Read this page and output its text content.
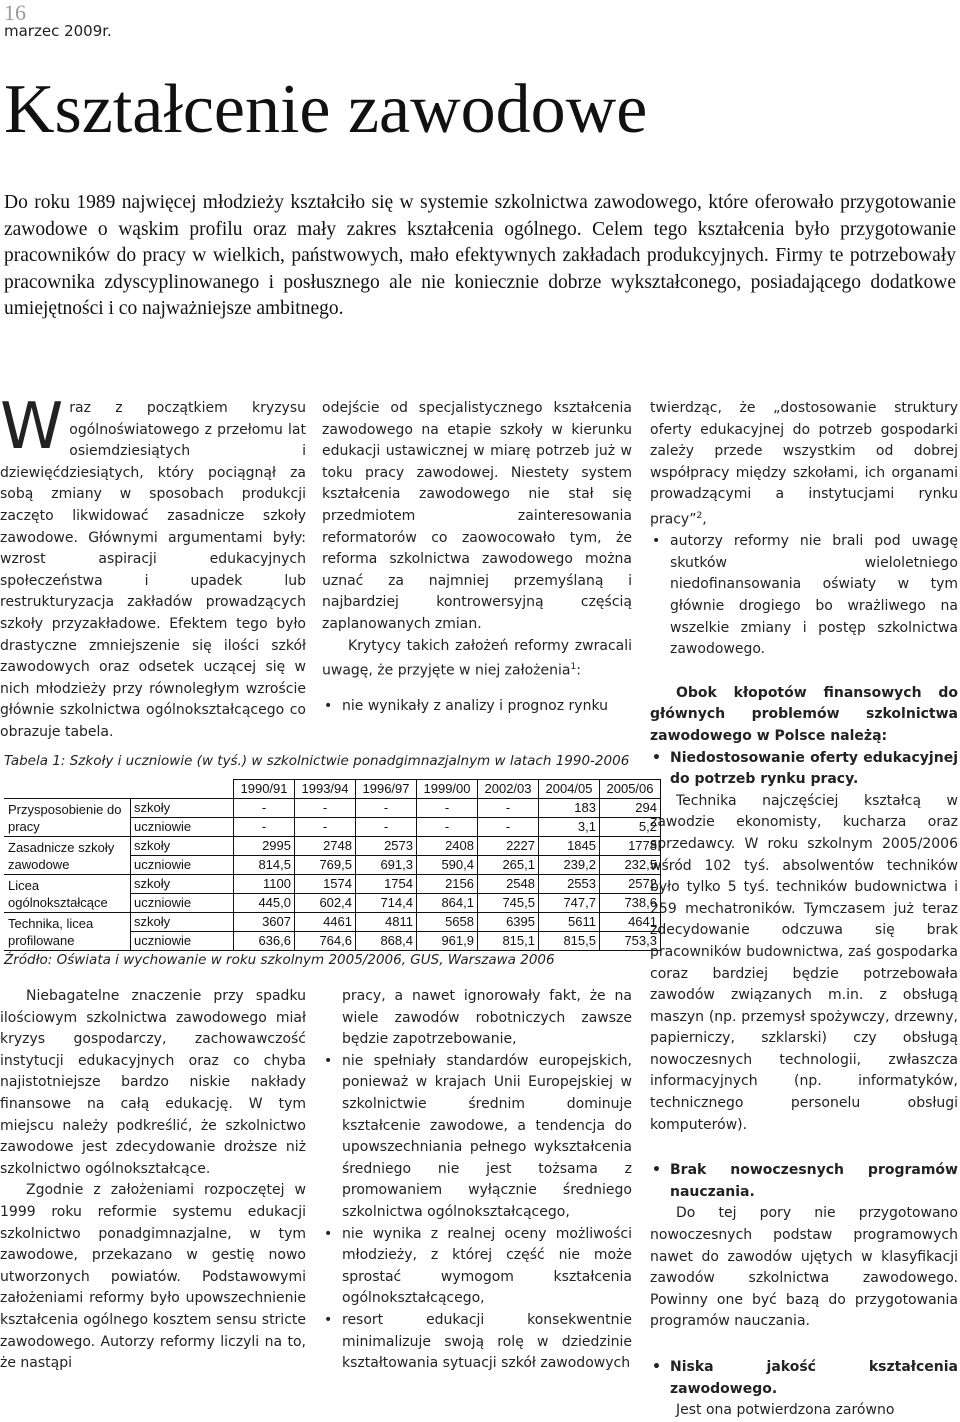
16
marzec 2009r.
Kształcenie zawodowe

Do roku 1989 najwięcej młodzieży kształciło się w systemie szkolnictwa zawodowego, które oferowało przygotowanie zawodowe o wąskim profilu oraz mały zakres kształcenia ogólnego. Celem tego kształcenia było przygotowanie pracowników do pracy w wielkich, państwowych, mało efektywnych zakładach produkcyjnych. Firmy te potrzebowały pracownika zdyscyplinowanego i posłusznego ale nie koniecznie dobrze wykształconego, posiadającego dodatkowe umiejętności i co najważniejsze ambitnego.

Wraz z początkiem kryzysu ogólnoświatowego z przełomu lat osiemdziesiątych i dziewięćdziesiątych, który pociągnął za sobą zmiany w sposobach produkcji zaczęto likwidować zasadnicze szkoły zawodowe. Głównymi argumentami były: wzrost aspiracji edukacyjnych społeczeństwa i upadek lub restrukturyzacja zakładów prowadzących szkoły przyzakładowe. Efektem tego było drastyczne zmniejszenie się ilości szkół zawodowych oraz odsetek uczącej się w nich młodzieży przy równoległym wzroście głównie szkolnictwa ogólnokształcącego co obrazuje tabela.

odejście od specjalistycznego kształcenia zawodowego na etapie szkoły w kierunku edukacji ustawicznej w miarę potrzeb już w toku pracy zawodowej. Niestety system kształcenia zawodowego nie stał się przedmiotem zainteresowania reformatorów co zaowocowało tym, że reforma szkolnictwa zawodowego można uznać za najmniej przemyślaną i najbardziej kontrowersyjną częścią zaplanowanych zmian.

Krytycy takich założeń reformy zwracali uwagę, że przyjęte w niej założenia$^1$:

• nie wynikały z analizy i prognoz rynku

twierdząc, że „dostosowanie struktury oferty edukacyjnej do potrzeb gospodarki zależy przede wszystkim od dobrej współpracy między szkołami, ich organami prowadzącymi a instytucjami rynku pracy”$^2$,

• autorzy reformy nie brali pod uwagę skutków wieloletniego niedofinansowania oświaty w tym głównie drogiego bo wrażliwego na wszelkie zmiany i postęp szkolnictwa zawodowego.

Obok kłopotów finansowych do głównych problemów szkolnictwa zawodowego w Polsce należą:

• Niedostosowanie oferty edukacyjnej do potrzeb rynku pracy.

Technika najczęściej kształcą w zawodzie ekonomisty, kucharza oraz sprzedawcy. W roku szkolnym 2005/2006 wśród 102 tyś. absolwentów techników było tylko 5 tyś. techników budownictwa i 259 mechatroników. Tymczasem już teraz zdecydowanie odczuwa się brak pracowników budownictwa, zaś gospodarka coraz bardziej będzie potrzebowała zawodów związanych m.in. z obsługą maszyn (np. przemysł spożywczy, drzewny, papierniczy, szklarski) czy obsługą nowoczesnych technologii, zwłaszcza informacyjnych (np. informatyków, technicznego personelu obsługi komputerów).

• Brak nowoczesnych programów nauczania.

Do tej pory nie przygotowano nowoczesnych podstaw programowych nawet do zawodów ujętych w klasyfikacji zawodów szkolnictwa zawodowego. Powinny one być bazą do przygotowania programów nauczania.

• Niska jakość kształcenia zawodowego.

Jest ona potwierdzona zarówno

Tabela 1: Szkoły i uczniowie (w tyś.) w szkolnictwie ponadgimnazjalnym w latach 1990-2006
		1990/91	1993/94	1996/97	1999/00	2002/03	2004/05	2005/06
Przysposobienie do pracy	szkoły	-	-	-	-	-	183	294
	uczniowie	-	-	-	-	-	3,1	5,2
Zasadnicze szkoły zawodowe	szkoły	2995	2748	2573	2408	2227	1845	1778
	uczniowie	814,5	769,5	691,3	590,4	265,1	239,2	232,5
Licea ogólnokształcące	szkoły	1100	1574	1754	2156	2548	2553	2572
	uczniowie	445,0	602,4	714,4	864,1	745,5	747,7	738,6
Technika, licea profilowane	szkoły	3607	4461	4811	5658	6395	5611	4641
	uczniowie	636,6	764,6	868,4	961,9	815,1	815,5	753,3
Źródło: Oświata i wychowanie w roku szkolnym 2005/2006, GUS, Warszawa 2006

Niebagatelne znaczenie przy spadku ilościowym szkolnictwa zawodowego miał kryzys gospodarczy, zachowawczość instytucji edukacyjnych oraz co chyba najistotniejsze bardzo niskie nakłady finansowe na całą edukację. W tym miejscu należy podkreślić, że szkolnictwo zawodowe jest zdecydowanie droższe niż szkolnictwo ogólnokształcące.

Zgodnie z założeniami rozpoczętej w 1999 roku reformie systemu edukacji szkolnictwo ponadgimnazjalne, w tym zawodowe, przekazano w gestię nowo utworzonych powiatów. Podstawowymi założeniami reformy było upowszechnienie kształcenia ogólnego kosztem sensu stricte zawodowego. Autorzy reformy liczyli na to, że nastąpi

pracy, a nawet ignorowały fakt, że na wiele zawodów robotniczych zawsze będzie zapotrzebowanie,

• nie spełniały standardów europejskich, ponieważ w krajach Unii Europejskiej w szkolnictwie średnim dominuje kształcenie zawodowe, a tendencja do upowszechniania pełnego wykształcenia średniego nie jest tożsama z promowaniem wyłącznie średniego szkolnictwa ogólnokształcącego,
• nie wynika z realnej oceny możliwości młodzieży, z której część nie może sprostać wymogom kształcenia ogólnokształcącego,
• resort edukacji konsekwentnie minimalizuje swoją rolę w dziedzinie kształtowania sytuacji szkół zawodowych
